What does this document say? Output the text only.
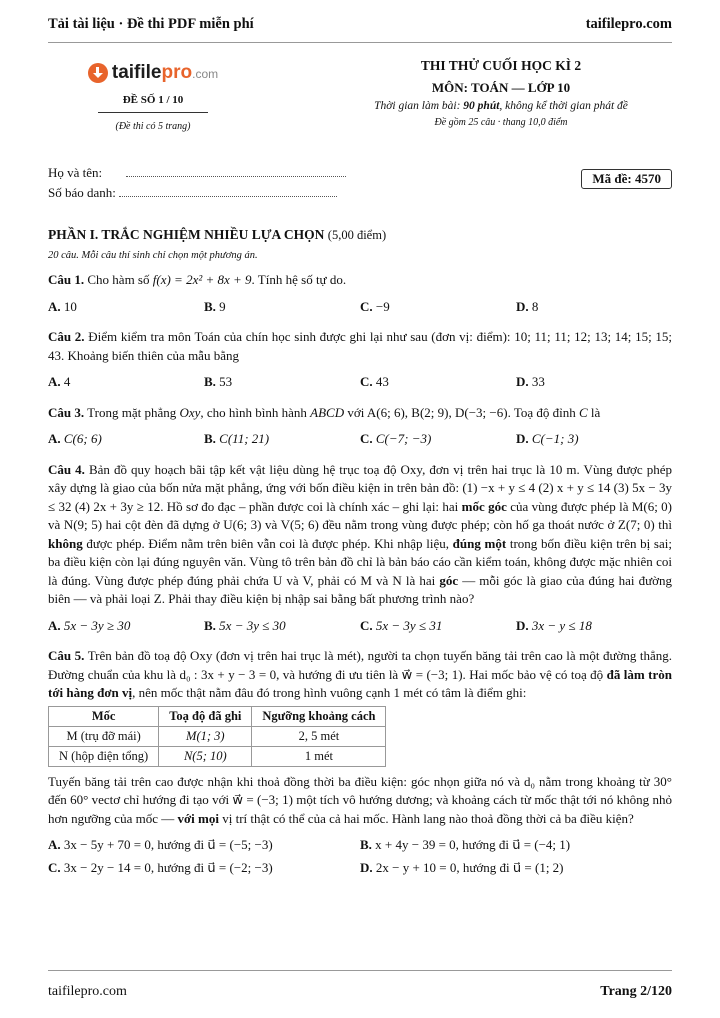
Tải tài liệu · Đề thi PDF miễn phí	taifilepro.com
taifilepro.com
ĐỀ SỐ 1 / 10
(Đề thi có 5 trang)
THI THỬ CUỐI HỌC KÌ 2
MÔN: TOÁN — LỚP 10
Thời gian làm bài: 90 phút, không kể thời gian phát đề
Đề gồm 25 câu · thang 10,0 điểm
Họ và tên:
Số báo danh:
Mã đề: 4570
PHẦN I. TRẮC NGHIỆM NHIỀU LỰA CHỌN (5,00 điểm)
20 câu. Mỗi câu thí sinh chỉ chọn một phương án.
Câu 1. Cho hàm số f(x) = 2x² + 8x + 9. Tính hệ số tự do.
A. 10	B. 9	C. −9	D. 8
Câu 2. Điểm kiểm tra môn Toán của chín học sinh được ghi lại như sau (đơn vị: điểm): 10; 11; 11; 12; 13; 14; 15; 15; 43. Khoảng biến thiên của mẫu bằng
A. 4	B. 53	C. 43	D. 33
Câu 3. Trong mặt phẳng Oxy, cho hình bình hành ABCD với A(6; 6), B(2; 9), D(−3; −6). Toạ độ đỉnh C là
A. C(6; 6)	B. C(11; 21)	C. C(−7; −3)	D. C(−1; 3)
Câu 4. Bản đồ quy hoạch bãi tập kết vật liệu dùng hệ trục toạ độ Oxy, đơn vị trên hai trục là 10 m. Vùng được phép xây dựng là giao của bốn nửa mặt phẳng, ứng với bốn điều kiện in trên bản đồ: (1) −x + y ≤ 4 (2) x + y ≤ 14 (3) 5x − 3y ≤ 32 (4) 2x + 3y ≥ 12. Hồ sơ đo đạc – phần được coi là chính xác – ghi lại: hai mốc góc của vùng được phép là M(6; 0) và N(9; 5) hai cột đèn đã dựng ở U(6; 3) và V(5; 6) đều nằm trong vùng được phép; còn hố ga thoát nước ở Z(7; 0) thì không được phép. Điểm nằm trên biên vẫn coi là được phép. Khi nhập liệu, đúng một trong bốn điều kiện trên bị sai; ba điều kiện còn lại đúng nguyên văn. Vùng tô trên bản đồ chỉ là bản báo cáo cần kiểm toán, không được mặc nhiên coi là đúng. Vùng được phép đúng phải chứa U và V, phải có M và N là hai góc — mỗi góc là giao của đúng hai đường biên — và phải loại Z. Phải thay điều kiện bị nhập sai bằng bất phương trình nào?
A. 5x − 3y ≥ 30	B. 5x − 3y ≤ 30	C. 5x − 3y ≤ 31	D. 3x − y ≤ 18
Câu 5. Trên bản đồ toạ độ Oxy (đơn vị trên hai trục là mét), người ta chọn tuyến băng tải trên cao là một đường thẳng. Đường chuẩn của khu là d₀ : 3x + y − 3 = 0, và hướng đi ưu tiên là w⃗ = (−3; 1). Hai mốc bảo vệ có toạ độ đã làm tròn tới hàng đơn vị, nên mốc thật nằm đâu đó trong hình vuông cạnh 1 mét có tâm là điểm ghi:
Mốc	Toạ độ đã ghi	Ngưỡng khoảng cách
M (trụ đỡ mái)	M(1; 3)	2, 5 mét
N (hộp điện tổng)	N(5; 10)	1 mét
Tuyến băng tải trên cao được nhận khi thoả đồng thời ba điều kiện: góc nhọn giữa nó và d₀ nằm trong khoảng từ 30° đến 60° vectơ chỉ hướng đi tạo với w⃗ = (−3; 1) một tích vô hướng dương; và khoảng cách từ mốc thật tới nó không nhỏ hơn ngưỡng của mốc — với mọi vị trí thật có thể của cả hai mốc. Hành lang nào thoả đồng thời cả ba điều kiện?
A. 3x − 5y + 70 = 0, hướng đi u⃗ = (−5; −3)	B. x + 4y − 39 = 0, hướng đi u⃗ = (−4; 1)
C. 3x − 2y − 14 = 0, hướng đi u⃗ = (−2; −3)	D. 2x − y + 10 = 0, hướng đi u⃗ = (1; 2)
taifilepro.com	Trang 2/120
